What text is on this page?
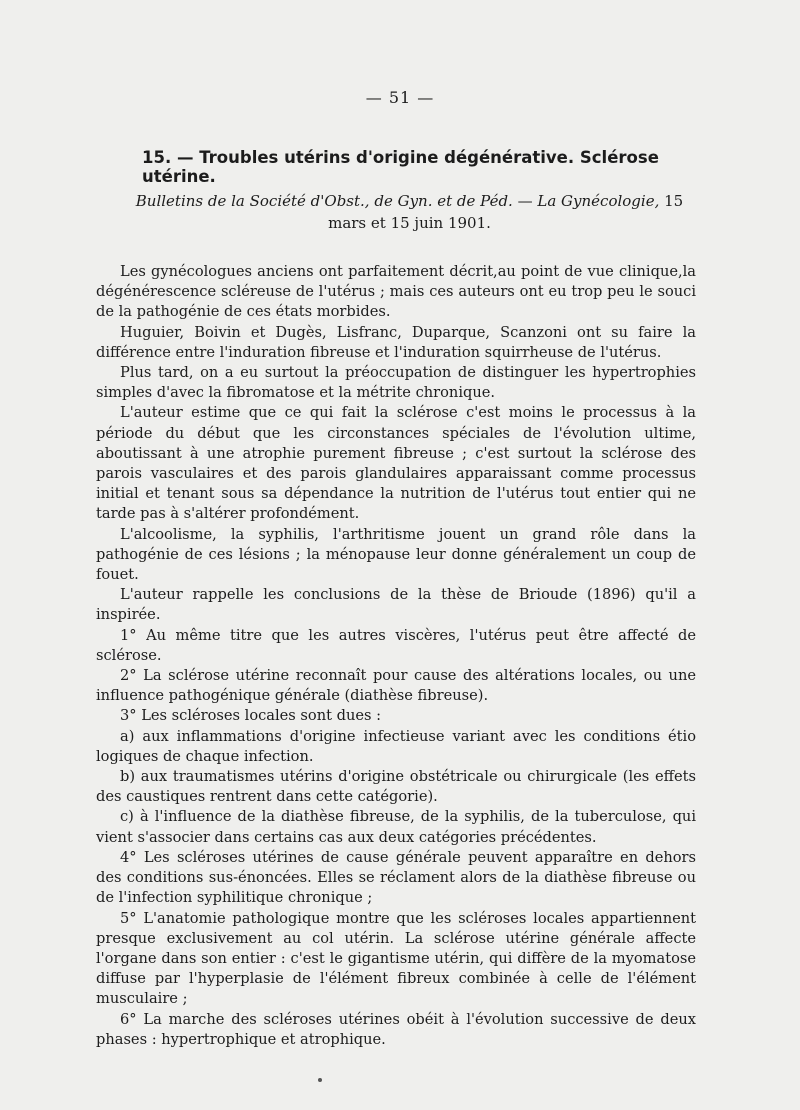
— 51 —
15. — Troubles utérins d'origine dégénérative. Sclérose utérine.
Bulletins de la Société d'Obst., de Gyn. et de Péd. — La Gynécologie, 15 mars et 15 juin 1901.

Les gynécologues anciens ont parfaitement décrit,au point de vue clinique,la dégénérescence scléreuse de l'utérus ; mais ces auteurs ont eu trop peu le souci de la pathogénie de ces états morbides.

Huguier, Boivin et Dugès, Lisfranc, Duparque, Scanzoni ont su faire la différence entre l'induration fibreuse et l'induration squirrheuse de l'utérus.

Plus tard, on a eu surtout la préoccupation de distinguer les hypertrophies simples d'avec la fibromatose et la métrite chronique.

L'auteur estime que ce qui fait la sclérose c'est moins le processus à la période du début que les circonstances spéciales de l'évolution ultime, aboutissant à une atrophie purement fibreuse ; c'est surtout la sclérose des parois vasculaires et des parois glandulaires apparaissant comme processus initial et tenant sous sa dépendance la nutrition de l'utérus tout entier qui ne tarde pas à s'altérer profondément.

L'alcoolisme, la syphilis, l'arthritisme jouent un grand rôle dans la pathogénie de ces lésions ; la ménopause leur donne généralement un coup de fouet.

L'auteur rappelle les conclusions de la thèse de Brioude (1896) qu'il a inspirée.

1° Au même titre que les autres viscères, l'utérus peut être affecté de sclérose.

2° La sclérose utérine reconnaît pour cause des altérations locales, ou une influence pathogénique générale (diathèse fibreuse).

3° Les scléroses locales sont dues :

a) aux inflammations d'origine infectieuse variant avec les conditions étio logiques de chaque infection.

b) aux traumatismes utérins d'origine obstétricale ou chirurgicale (les effets des caustiques rentrent dans cette catégorie).

c) à l'influence de la diathèse fibreuse, de la syphilis, de la tuberculose, qui vient s'associer dans certains cas aux deux catégories précédentes.

4° Les scléroses utérines de cause générale peuvent apparaître en dehors des conditions sus-énoncées. Elles se réclament alors de la diathèse fibreuse ou de l'infection syphilitique chronique ;

5° L'anatomie pathologique montre que les scléroses locales appartiennent presque exclusivement au col utérin. La sclérose utérine générale affecte l'organe dans son entier : c'est le gigantisme utérin, qui diffère de la myomatose diffuse par l'hyperplasie de l'élément fibreux combinée à celle de l'élément musculaire ;

6° La marche des scléroses utérines obéit à l'évolution successive de deux phases : hypertrophique et atrophique.
